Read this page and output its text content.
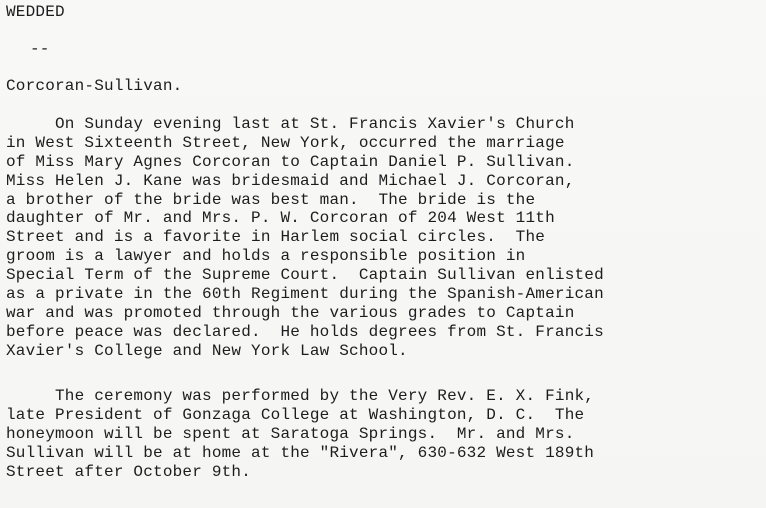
WEDDED
--
Corcoran-Sullivan.
On Sunday evening last at St. Francis Xavier's Church
in West Sixteenth Street, New York, occurred the marriage
of Miss Mary Agnes Corcoran to Captain Daniel P. Sullivan.
Miss Helen J. Kane was bridesmaid and Michael J. Corcoran,
a brother of the bride was best man.  The bride is the
daughter of Mr. and Mrs. P. W. Corcoran of 204 West 11th
Street and is a favorite in Harlem social circles.  The
groom is a lawyer and holds a responsible position in
Special Term of the Supreme Court.  Captain Sullivan enlisted
as a private in the 60th Regiment during the Spanish-American
war and was promoted through the various grades to Captain
before peace was declared.  He holds degrees from St. Francis
Xavier's College and New York Law School.
The ceremony was performed by the Very Rev. E. X. Fink,
late President of Gonzaga College at Washington, D. C.  The
honeymoon will be spent at Saratoga Springs.  Mr. and Mrs.
Sullivan will be at home at the "Rivera", 630-632 West 189th
Street after October 9th.
